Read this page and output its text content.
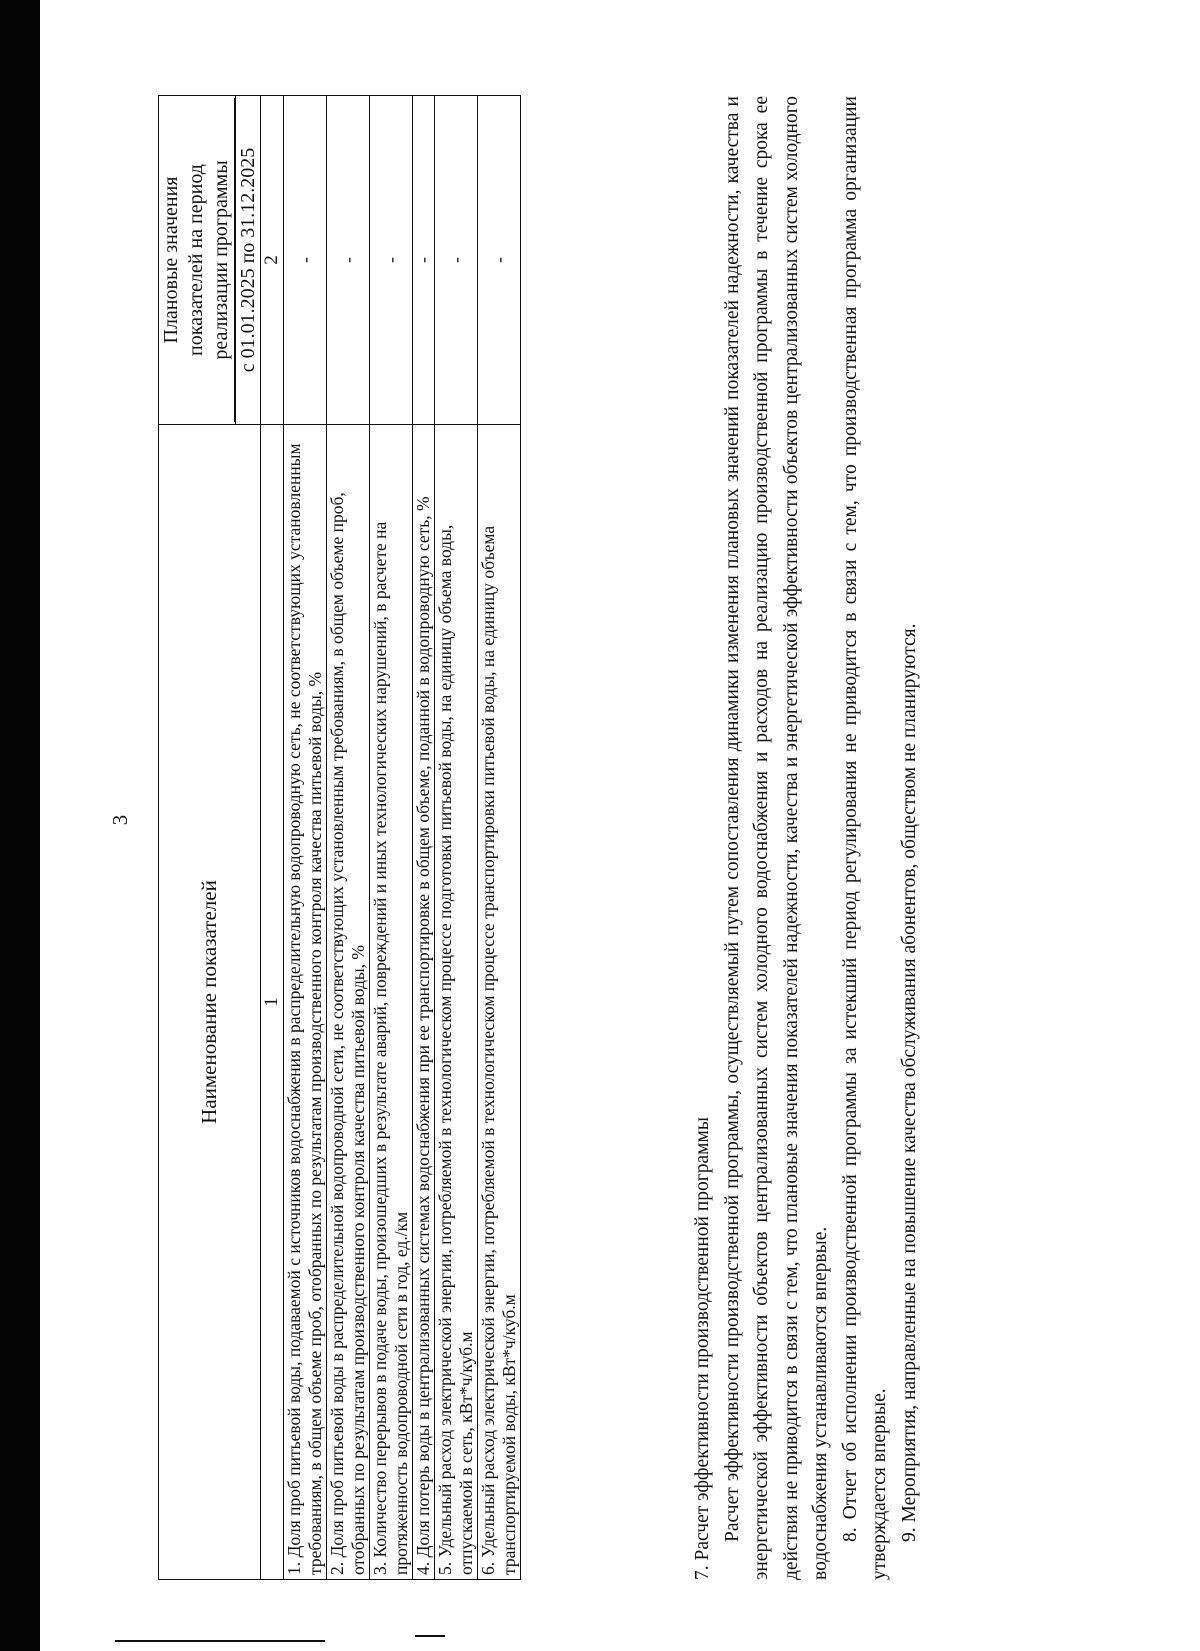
3
Наименование показателей	Плановые значения показателей на период реализации программы

	с 01.01.2025 по 31.12.2025
1	2
1. Доля проб питьевой воды, подаваемой с источников водоснабжения в распределительную водопроводную сеть, не соответствующих установленным требованиям, в общем объеме проб, отобранных по результатам производственного контроля качества питьевой воды, %	-
2. Доля проб питьевой воды в распределительной водопроводной сети, не соответствующих установленным требованиям, в общем объеме проб, отобранных по результатам производственного контроля качества питьевой воды, %	-
3. Количество перерывов в подаче воды, произошедших в результате аварий, повреждений и иных технологических нарушений, в расчете на протяженность водопроводной сети в год, ед./км	-
4. Доля потерь воды в централизованных системах водоснабжения при ее транспортировке в общем объеме, поданной в водопроводную сеть, %	-
5. Удельный расход электрической энергии, потребляемой в технологическом процессе подготовки питьевой воды, на единицу объема воды, отпускаемой в сеть, кВт*ч/куб.м	-
6. Удельный расход электрической энергии, потребляемой в технологическом процессе транспортировки питьевой воды, на единицу объема транспортируемой воды, кВт*ч/куб.м	-

7. Расчет эффективности производственной программы Расчет эффективности производственной программы, осуществляемый путем сопоставления динамики изменения плановых значений показателей надежности, качества и энергетической эффективности объектов централизованных систем холодного водоснабжения и расходов на реализацию производственной программы в течение срока ее действия не приводится в связи с тем, что плановые значения показателей надежности, качества и энергетической эффективности объектов централизованных систем холодного водоснабжения устанавливаются впервые. 8. Отчет об исполнении производственной программы за истекший период регулирования не приводится в связи с тем, что производственная программа организации утверждается впервые. 9. Мероприятия, направленные на повышение качества обслуживания абонентов, обществом не планируются.
